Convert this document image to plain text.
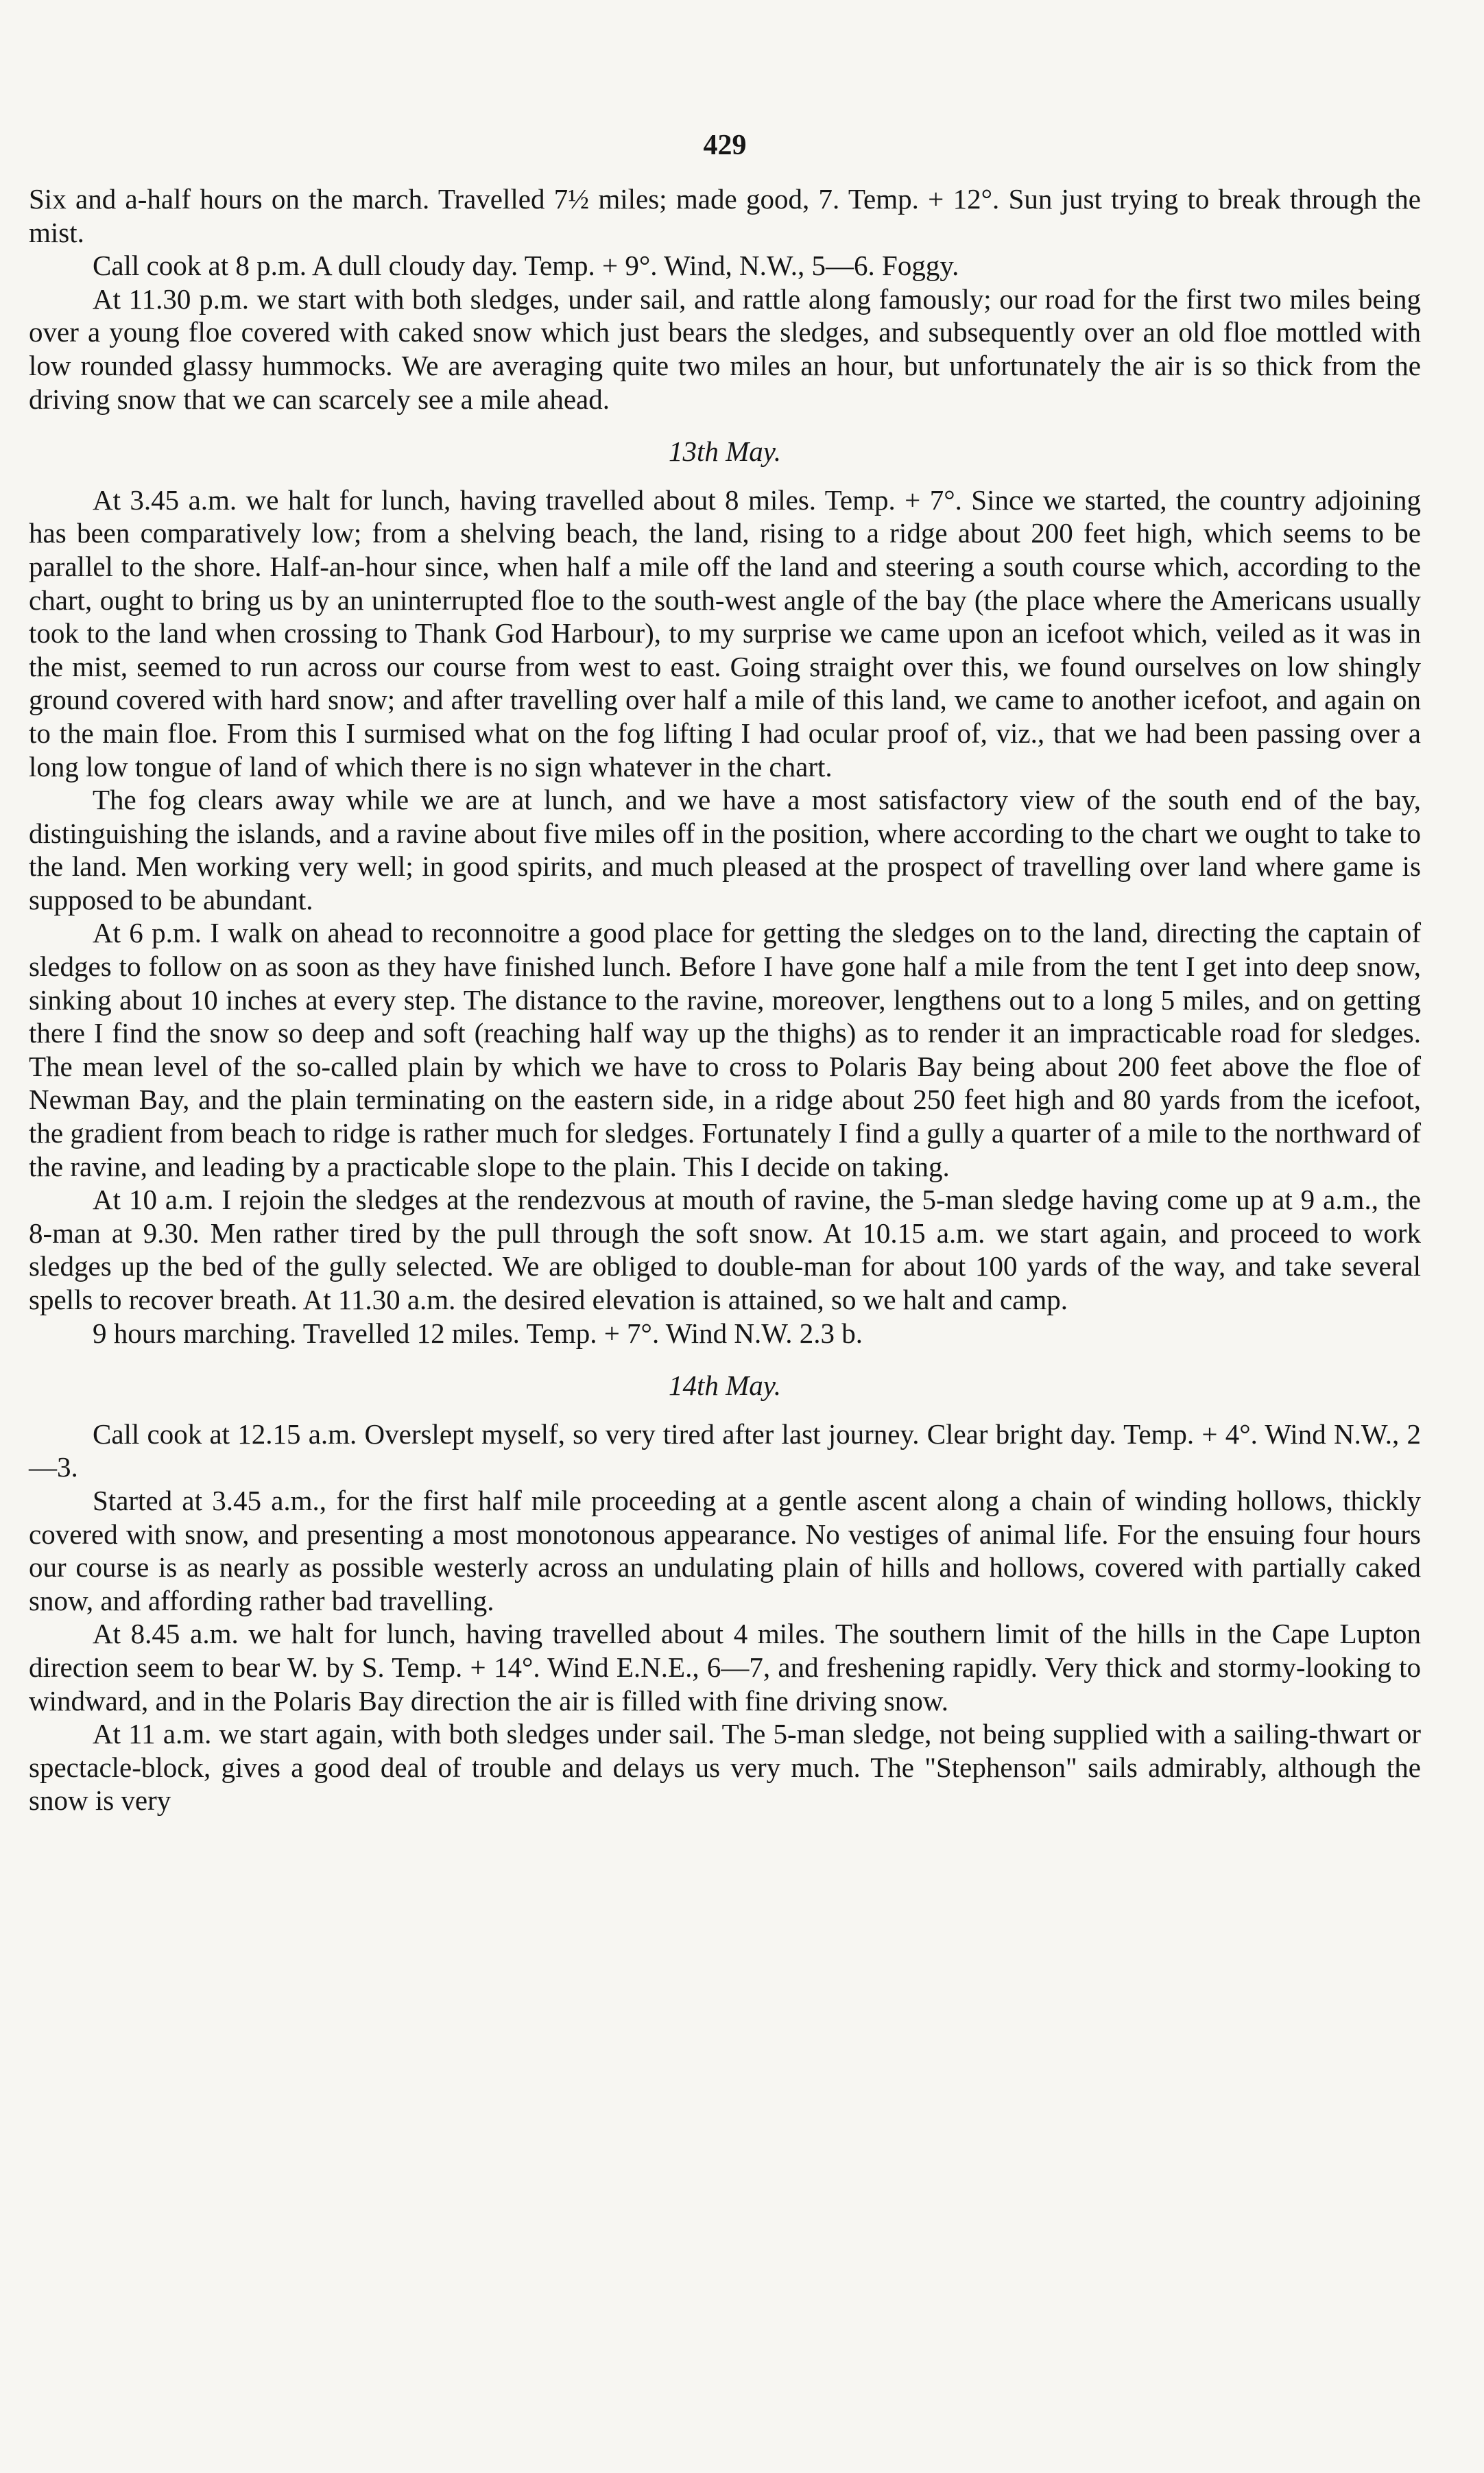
429

Six and a-half hours on the march. Travelled 7½ miles; made good, 7. Temp. + 12°. Sun just trying to break through the mist.

Call cook at 8 p.m. A dull cloudy day. Temp. + 9°. Wind, N.W., 5—6. Foggy.

At 11.30 p.m. we start with both sledges, under sail, and rattle along famously; our road for the first two miles being over a young floe covered with caked snow which just bears the sledges, and subsequently over an old floe mottled with low rounded glassy hummocks. We are averaging quite two miles an hour, but unfortunately the air is so thick from the driving snow that we can scarcely see a mile ahead.

13th May.

At 3.45 a.m. we halt for lunch, having travelled about 8 miles. Temp. + 7°. Since we started, the country adjoining has been comparatively low; from a shelving beach, the land, rising to a ridge about 200 feet high, which seems to be parallel to the shore. Half-an-hour since, when half a mile off the land and steering a south course which, according to the chart, ought to bring us by an uninterrupted floe to the south-west angle of the bay (the place where the Americans usually took to the land when crossing to Thank God Harbour), to my surprise we came upon an icefoot which, veiled as it was in the mist, seemed to run across our course from west to east. Going straight over this, we found ourselves on low shingly ground covered with hard snow; and after travelling over half a mile of this land, we came to another icefoot, and again on to the main floe. From this I surmised what on the fog lifting I had ocular proof of, viz., that we had been passing over a long low tongue of land of which there is no sign whatever in the chart.

The fog clears away while we are at lunch, and we have a most satisfactory view of the south end of the bay, distinguishing the islands, and a ravine about five miles off in the position, where according to the chart we ought to take to the land. Men working very well; in good spirits, and much pleased at the prospect of travelling over land where game is supposed to be abundant.

At 6 p.m. I walk on ahead to reconnoitre a good place for getting the sledges on to the land, directing the captain of sledges to follow on as soon as they have finished lunch. Before I have gone half a mile from the tent I get into deep snow, sinking about 10 inches at every step. The distance to the ravine, moreover, lengthens out to a long 5 miles, and on getting there I find the snow so deep and soft (reaching half way up the thighs) as to render it an impracticable road for sledges. The mean level of the so-called plain by which we have to cross to Polaris Bay being about 200 feet above the floe of Newman Bay, and the plain terminating on the eastern side, in a ridge about 250 feet high and 80 yards from the icefoot, the gradient from beach to ridge is rather much for sledges. Fortunately I find a gully a quarter of a mile to the northward of the ravine, and leading by a practicable slope to the plain. This I decide on taking.

At 10 a.m. I rejoin the sledges at the rendezvous at mouth of ravine, the 5-man sledge having come up at 9 a.m., the 8-man at 9.30. Men rather tired by the pull through the soft snow. At 10.15 a.m. we start again, and proceed to work sledges up the bed of the gully selected. We are obliged to double-man for about 100 yards of the way, and take several spells to recover breath. At 11.30 a.m. the desired elevation is attained, so we halt and camp.

9 hours marching. Travelled 12 miles. Temp. + 7°. Wind N.W. 2.3 b.

14th May.

Call cook at 12.15 a.m. Overslept myself, so very tired after last journey. Clear bright day. Temp. + 4°. Wind N.W., 2—3.

Started at 3.45 a.m., for the first half mile proceeding at a gentle ascent along a chain of winding hollows, thickly covered with snow, and presenting a most monotonous appearance. No vestiges of animal life. For the ensuing four hours our course is as nearly as possible westerly across an undulating plain of hills and hollows, covered with partially caked snow, and affording rather bad travelling.

At 8.45 a.m. we halt for lunch, having travelled about 4 miles. The southern limit of the hills in the Cape Lupton direction seem to bear W. by S. Temp. + 14°. Wind E.N.E., 6—7, and freshening rapidly. Very thick and stormy-looking to windward, and in the Polaris Bay direction the air is filled with fine driving snow.

At 11 a.m. we start again, with both sledges under sail. The 5-man sledge, not being supplied with a sailing-thwart or spectacle-block, gives a good deal of trouble and delays us very much. The "Stephenson" sails admirably, although the snow is very
